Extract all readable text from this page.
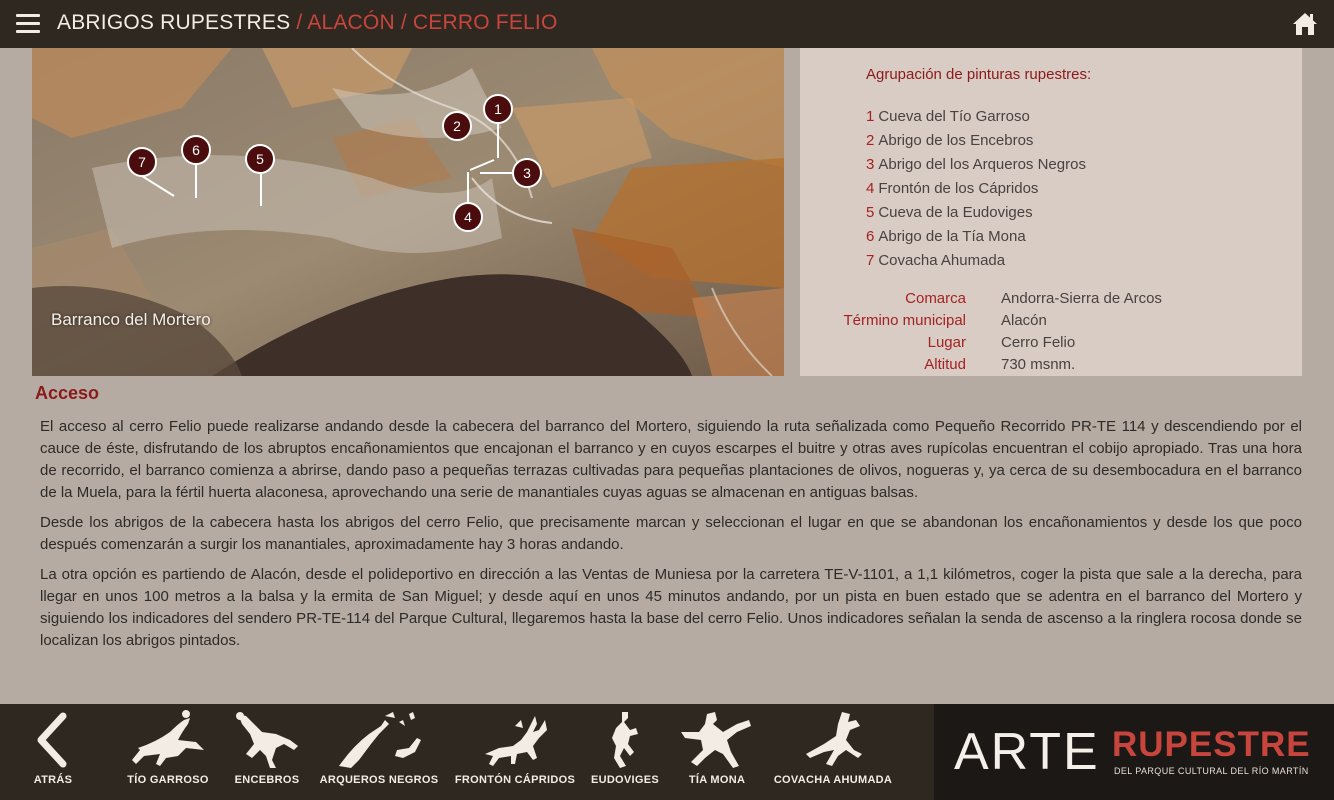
ABRIGOS RUPESTRES / ALACÓN / CERRO FELIO
1
2
3
4
5
6
7
Barranco del Mortero
Agrupación de pinturas rupestres:
1 Cueva del Tío Garroso
2 Abrigo de los Encebros
3 Abrigo del los Arqueros Negros
4 Frontón de los Cápridos
5 Cueva de la Eudoviges
6 Abrigo de la Tía Mona
7 Covacha Ahumada
Comarca Andorra-Sierra de Arcos
Término municipal Alacón
Lugar Cerro Felio
Altitud 730 msnm.
Acceso

El acceso al cerro Felio puede realizarse andando desde la cabecera del barranco del Mortero, siguiendo la ruta señalizada como Pequeño Recorrido PR-TE 114 y descendiendo por el cauce de éste, disfrutando de los abruptos encañonamientos que encajonan el barranco y en cuyos escarpes el buitre y otras aves rupícolas encuentran el cobijo apropiado. Tras una hora de recorrido, el barranco comienza a abrirse, dando paso a pequeñas terrazas cultivadas para pequeñas plantaciones de olivos, nogueras y, ya cerca de su desembocadura en el barranco de la Muela, para la fértil huerta alaconesa, aprovechando una serie de manantiales cuyas aguas se almacenan en antiguas balsas.

Desde los abrigos de la cabecera hasta los abrigos del cerro Felio, que precisamente marcan y seleccionan el lugar en que se abandonan los encañonamientos y desde los que poco después comenzarán a surgir los manantiales, aproximadamente hay 3 horas andando.

La otra opción es partiendo de Alacón, desde el polideportivo en dirección a las Ventas de Muniesa por la carretera TE-V-1101, a 1,1 kilómetros, coger la pista que sale a la derecha, para llegar en unos 100 metros a la balsa y la ermita de San Miguel; y desde aquí en unos 45 minutos andando, por un pista en buen estado que se adentra en el barranco del Mortero y siguiendo los indicadores del sendero PR-TE-114 del Parque Cultural, llegaremos hasta la base del cerro Felio. Unos indicadores señalan la senda de ascenso a la ringlera rocosa donde se localizan los abrigos pintados.

ATRÁS	TÍO GARROSO	ENCEBROS	ARQUEROS NEGROS	FRONTÓN CÁPRIDOS EUDOVIGES	TÍA MONA	COVACHA AHUMADA ARTE RUPESTRE
DEL PARQUE CULTURAL DEL RÍO MARTÍN
